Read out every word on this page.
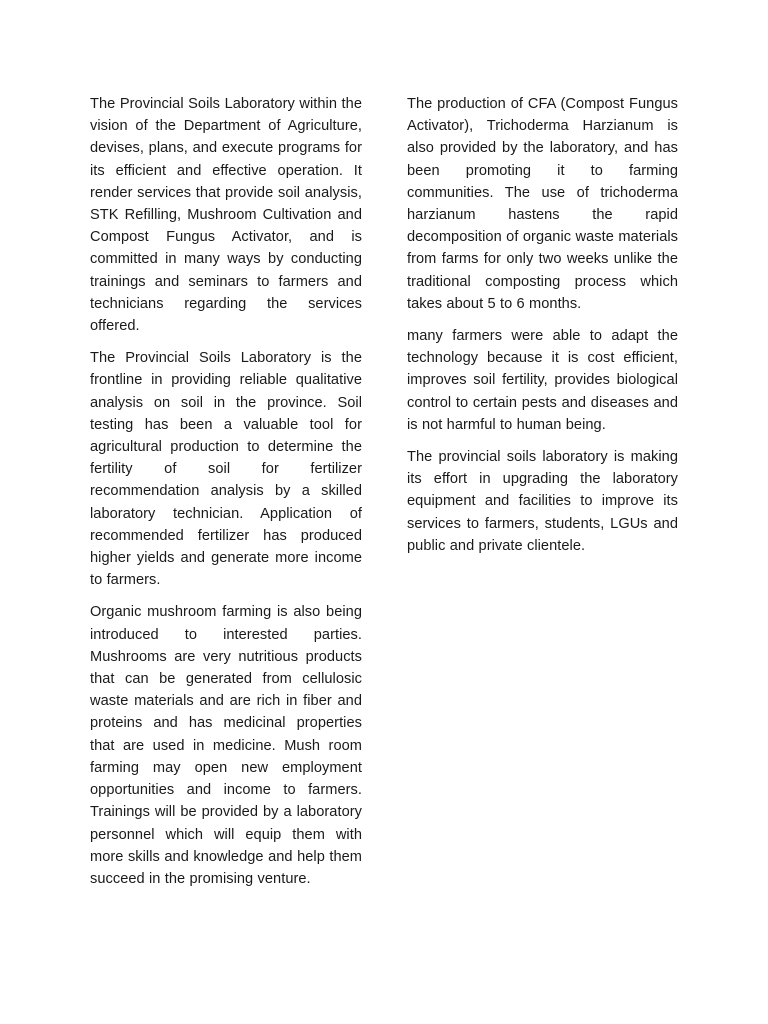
The Provincial Soils Laboratory within the vision of the Department of Agriculture, devises, plans, and execute programs for its efficient and effective operation. It render services that provide soil analysis, STK Refilling, Mushroom Cultivation and Compost Fungus Activator, and is committed in many ways by conducting trainings and seminars to farmers and technicians regarding the services offered.

The Provincial Soils Laboratory is the frontline in providing reliable qualitative analysis on soil in the province. Soil testing has been a valuable tool for agricultural production to determine the fertility of soil for fertilizer recommendation analysis by a skilled laboratory technician. Application of recommended fertilizer has produced higher yields and generate more income to farmers.

Organic mushroom farming is also being introduced to interested parties. Mushrooms are very nutritious products that can be generated from cellulosic waste materials and are rich in fiber and proteins and has medicinal properties that are used in medicine. Mush room farming may open new employment opportunities and income to farmers. Trainings will be provided by a laboratory personnel which will equip them with more skills and knowledge and help them succeed in the promising venture.

The production of CFA (Compost Fungus Activator), Trichoderma Harzianum is also provided by the laboratory, and has been promoting it to farming communities. The use of trichoderma harzianum hastens the rapid decomposition of organic waste materials from farms for only two weeks unlike the traditional composting process which takes about 5 to 6 months.

many farmers were able to adapt the technology because it is cost efficient, improves soil fertility, provides biological control to certain pests and diseases and is not harmful to human being.

The provincial soils laboratory is making its effort in upgrading the laboratory equipment and facilities to improve its services to farmers, students, LGUs and public and private clientele.
